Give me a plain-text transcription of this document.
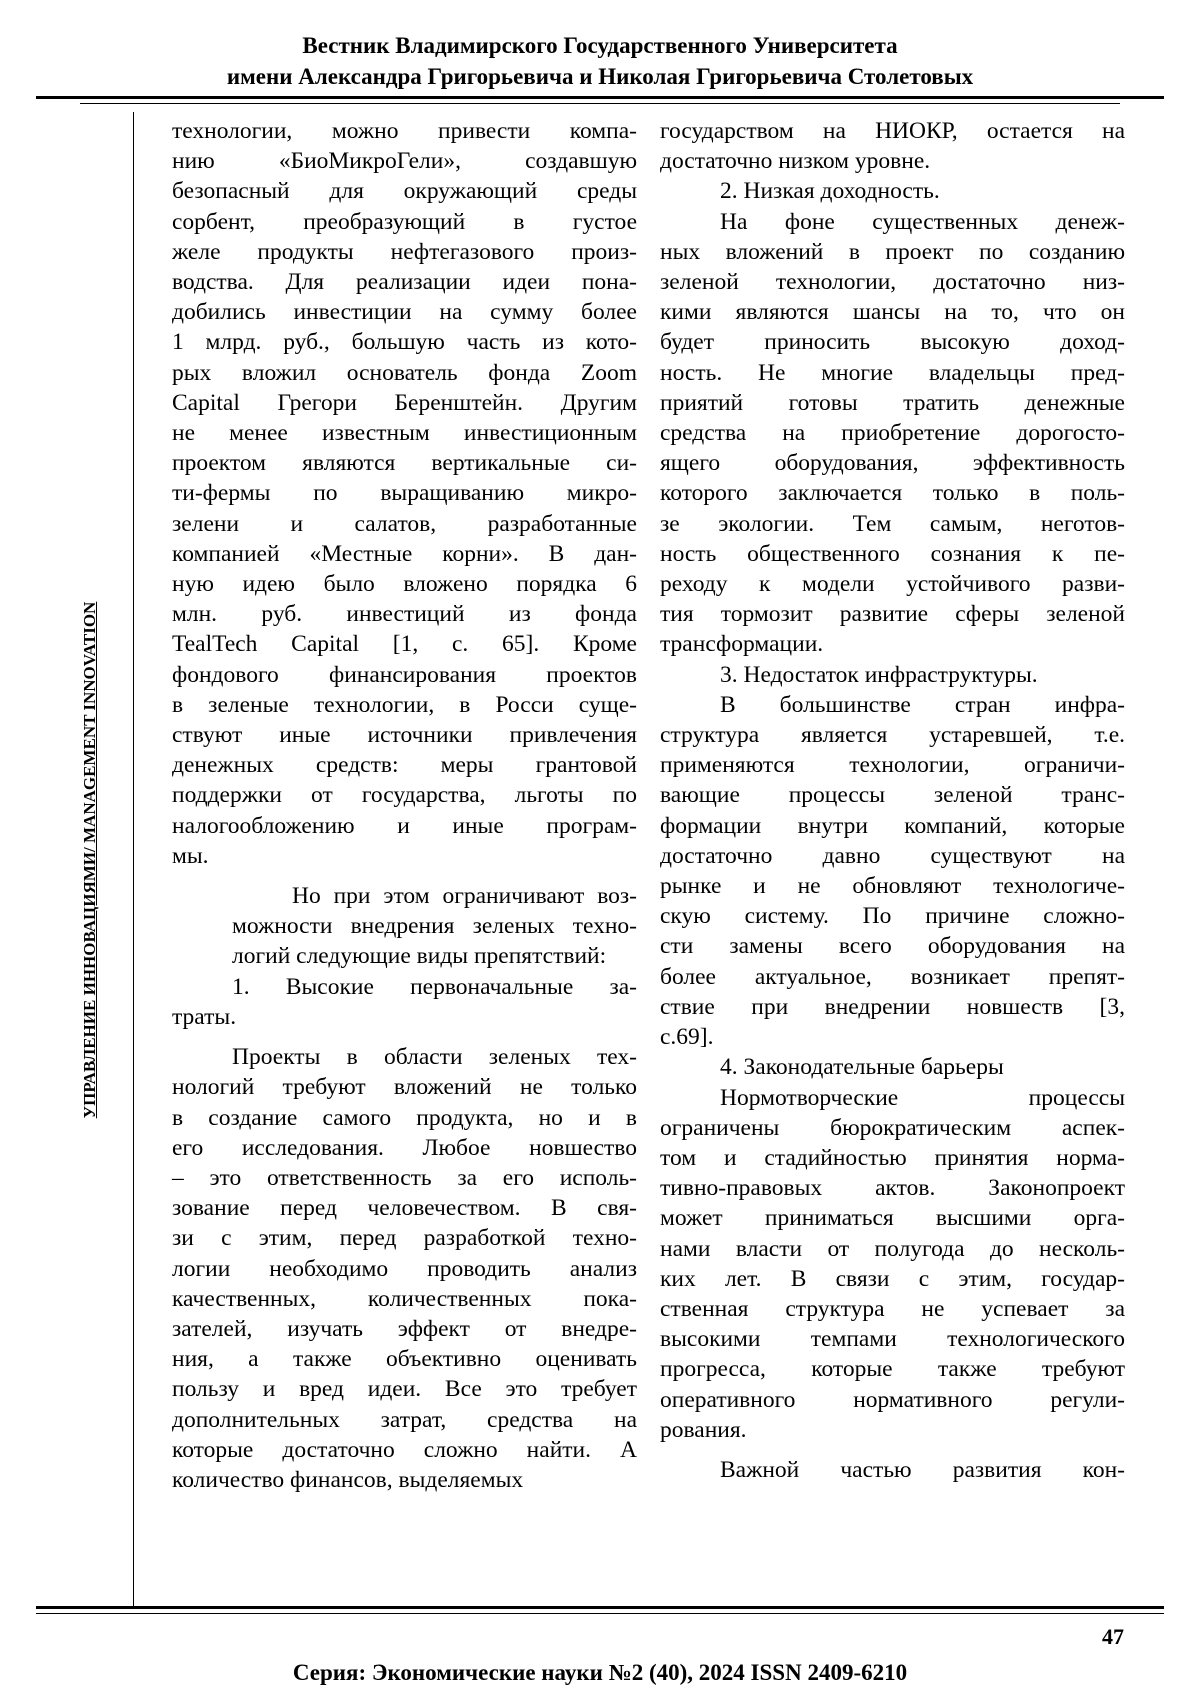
Вестник Владимирского Государственного Университета
имени Александра Григорьевича и Николая Григорьевича Столетовых
УПРАВЛЕНИЕ ИННОВАЦИЯМИ/ MANAGEMENT INNOVATION

технологии, можно привести компа-

нию «БиоМикроГели», создавшую

безопасный для окружающий среды

сорбент, преобразующий в густое

желе продукты нефтегазового произ-

водства. Для реализации идеи пона-

добились инвестиции на сумму более

1 млрд. руб., большую часть из кото-

рых вложил основатель фонда Zoom

Capital Грегори Беренштейн. Другим

не менее известным инвестиционным

проектом являются вертикальные си-

ти-фермы по выращиванию микро-

зелени и салатов, разработанные

компанией «Местные корни». В дан-

ную идею было вложено порядка 6

млн. руб. инвестиций из фонда

TealTech Capital [1, с. 65]. Кроме

фондового финансирования проектов

в зеленые технологии, в Росси суще-

ствуют иные источники привлечения

денежных средств: меры грантовой

поддержки от государства, льготы по

налогообложению и иные програм-

мы.

Но при этом ограничивают воз-

можности внедрения зеленых техно-

логий следующие виды препятствий:

1. Высокие первоначальные за-

траты.

Проекты в области зеленых тех-

нологий требуют вложений не только

в создание самого продукта, но и в

его исследования. Любое новшество

– это ответственность за его исполь-

зование перед человечеством. В свя-

зи с этим, перед разработкой техно-

логии необходимо проводить анализ

качественных, количественных пока-

зателей, изучать эффект от внедре-

ния, а также объективно оценивать

пользу и вред идеи. Все это требует

дополнительных затрат, средства на

которые достаточно сложно найти. А

количество финансов, выделяемых

государством на НИОКР, остается на

достаточно низком уровне.

2. Низкая доходность.

На фоне существенных денеж-

ных вложений в проект по созданию

зеленой технологии, достаточно низ-

кими являются шансы на то, что он

будет приносить высокую доход-

ность. Не многие владельцы пред-

приятий готовы тратить денежные

средства на приобретение дорогосто-

ящего оборудования, эффективность

которого заключается только в поль-

зе экологии. Тем самым, неготов-

ность общественного сознания к пе-

реходу к модели устойчивого разви-

тия тормозит развитие сферы зеленой

трансформации.

3. Недостаток инфраструктуры.

В большинстве стран инфра-

структура является устаревшей, т.е.

применяются технологии, ограничи-

вающие процессы зеленой транс-

формации внутри компаний, которые

достаточно давно существуют на

рынке и не обновляют технологиче-

скую систему. По причине сложно-

сти замены всего оборудования на

более актуальное, возникает препят-

ствие при внедрении новшеств [3,

с.69].

4. Законодательные барьеры

Нормотворческие процессы

ограничены бюрократическим аспек-

том и стадийностью принятия норма-

тивно-правовых актов. Законопроект

может приниматься высшими орга-

нами власти от полугода до несколь-

ких лет. В связи с этим, государ-

ственная структура не успевает за

высокими темпами технологического

прогресса, которые также требуют

оперативного нормативного регули-

рования.

Важной частью развития кон-

47
Серия: Экономические науки №2 (40), 2024 ISSN 2409-6210
